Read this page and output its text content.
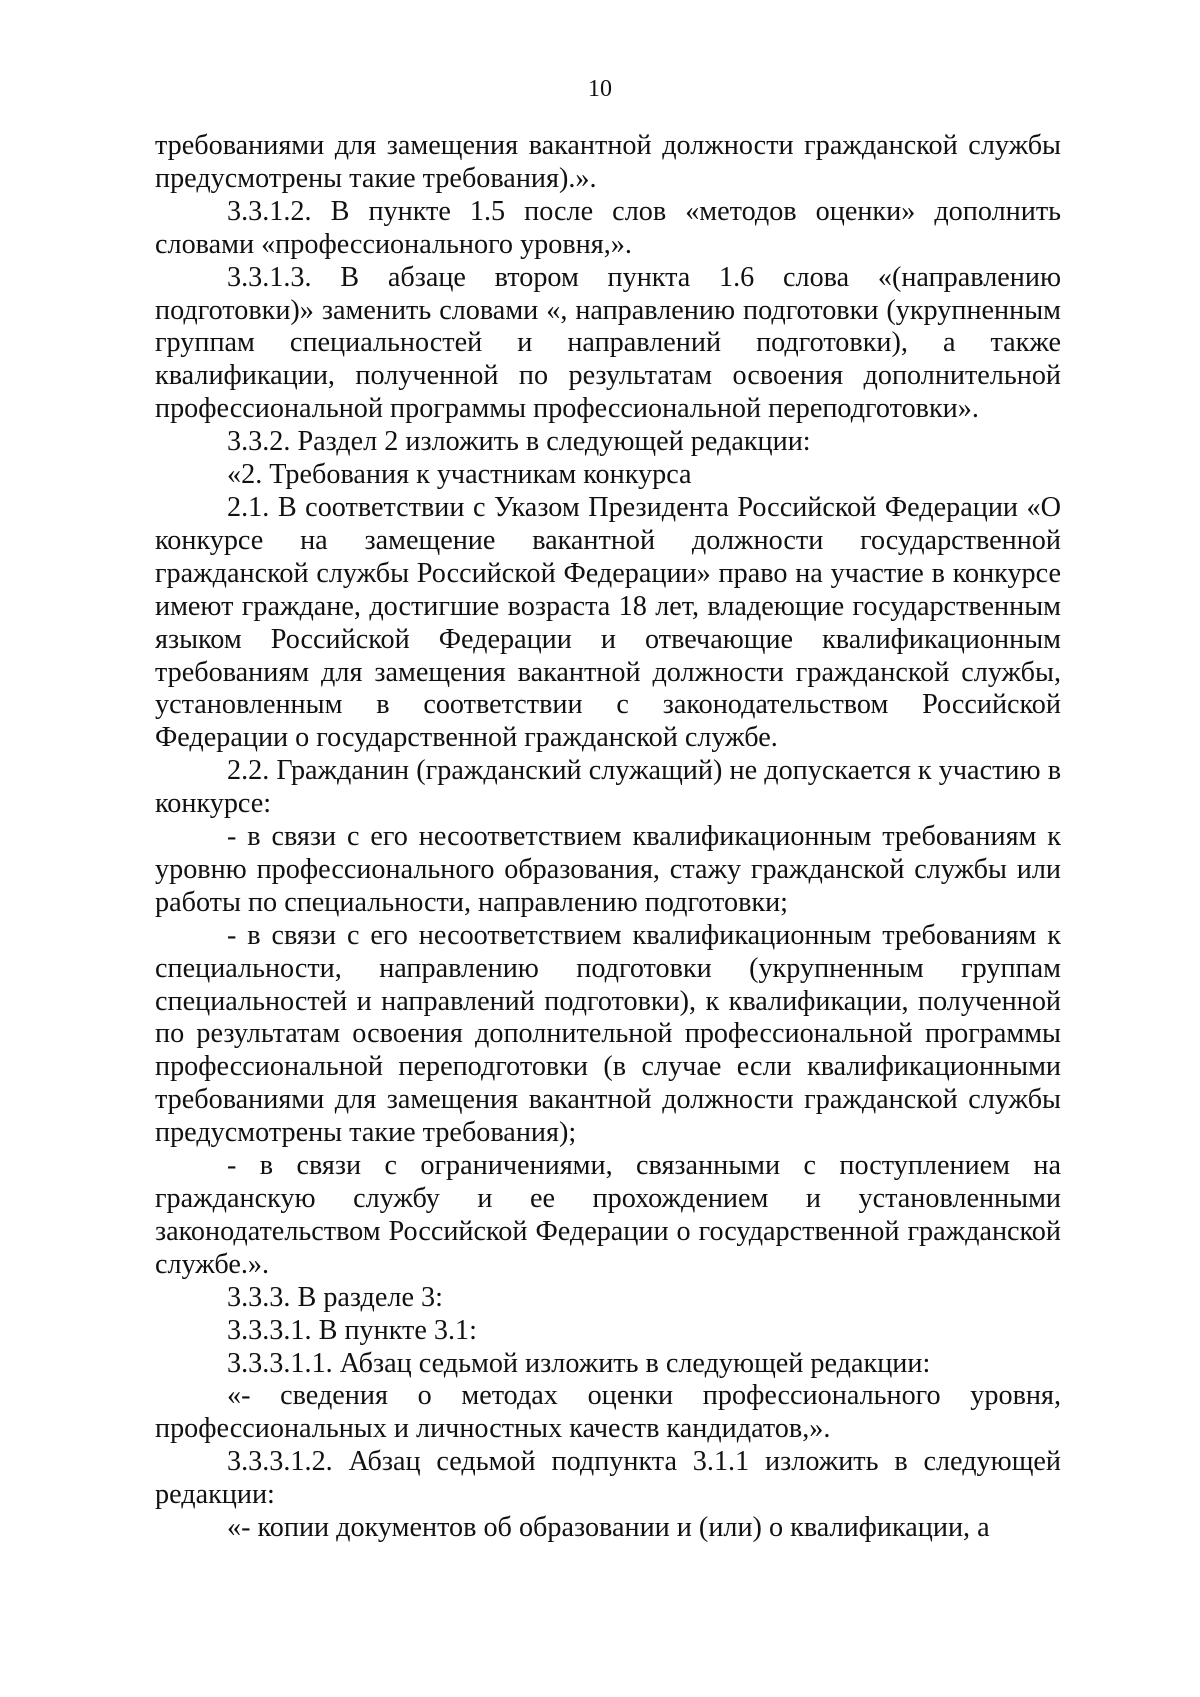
10

требованиями для замещения вакантной должности гражданской службы предусмотрены такие требования).».

3.3.1.2. В пункте 1.5 после слов «методов оценки» дополнить словами «профессионального уровня,».

3.3.1.3. В абзаце втором пункта 1.6 слова «(направлению подготовки)» заменить словами «, направлению подготовки (укрупненным группам специальностей и направлений подготовки), а также квалификации, полученной по результатам освоения дополнительной профессиональной программы профессиональной переподготовки».

3.3.2. Раздел 2 изложить в следующей редакции:

«2. Требования к участникам конкурса

2.1. В соответствии с Указом Президента Российской Федерации «О конкурсе на замещение вакантной должности государственной гражданской службы Российской Федерации» право на участие в конкурсе имеют граждане, достигшие возраста 18 лет, владеющие государственным языком Российской Федерации и отвечающие квалификационным требованиям для замещения вакантной должности гражданской службы, установленным в соответствии с законодательством Российской Федерации о государственной гражданской службе.

2.2. Гражданин (гражданский служащий) не допускается к участию в конкурсе:

- в связи с его несоответствием квалификационным требованиям к уровню профессионального образования, стажу гражданской службы или работы по специальности, направлению подготовки;

- в связи с его несоответствием квалификационным требованиям к специальности, направлению подготовки (укрупненным группам специальностей и направлений подготовки), к квалификации, полученной по результатам освоения дополнительной профессиональной программы профессиональной переподготовки (в случае если квалификационными требованиями для замещения вакантной должности гражданской службы предусмотрены такие требования);

- в связи с ограничениями, связанными с поступлением на гражданскую службу и ее прохождением и установленными законодательством Российской Федерации о государственной гражданской службе.».

3.3.3. В разделе 3:

3.3.3.1. В пункте 3.1:

3.3.3.1.1. Абзац седьмой изложить в следующей редакции:

«- сведения о методах оценки профессионального уровня, профессиональных и личностных качеств кандидатов,».

3.3.3.1.2. Абзац седьмой подпункта 3.1.1 изложить в следующей редакции:

«- копии документов об образовании и (или) о квалификации, а
